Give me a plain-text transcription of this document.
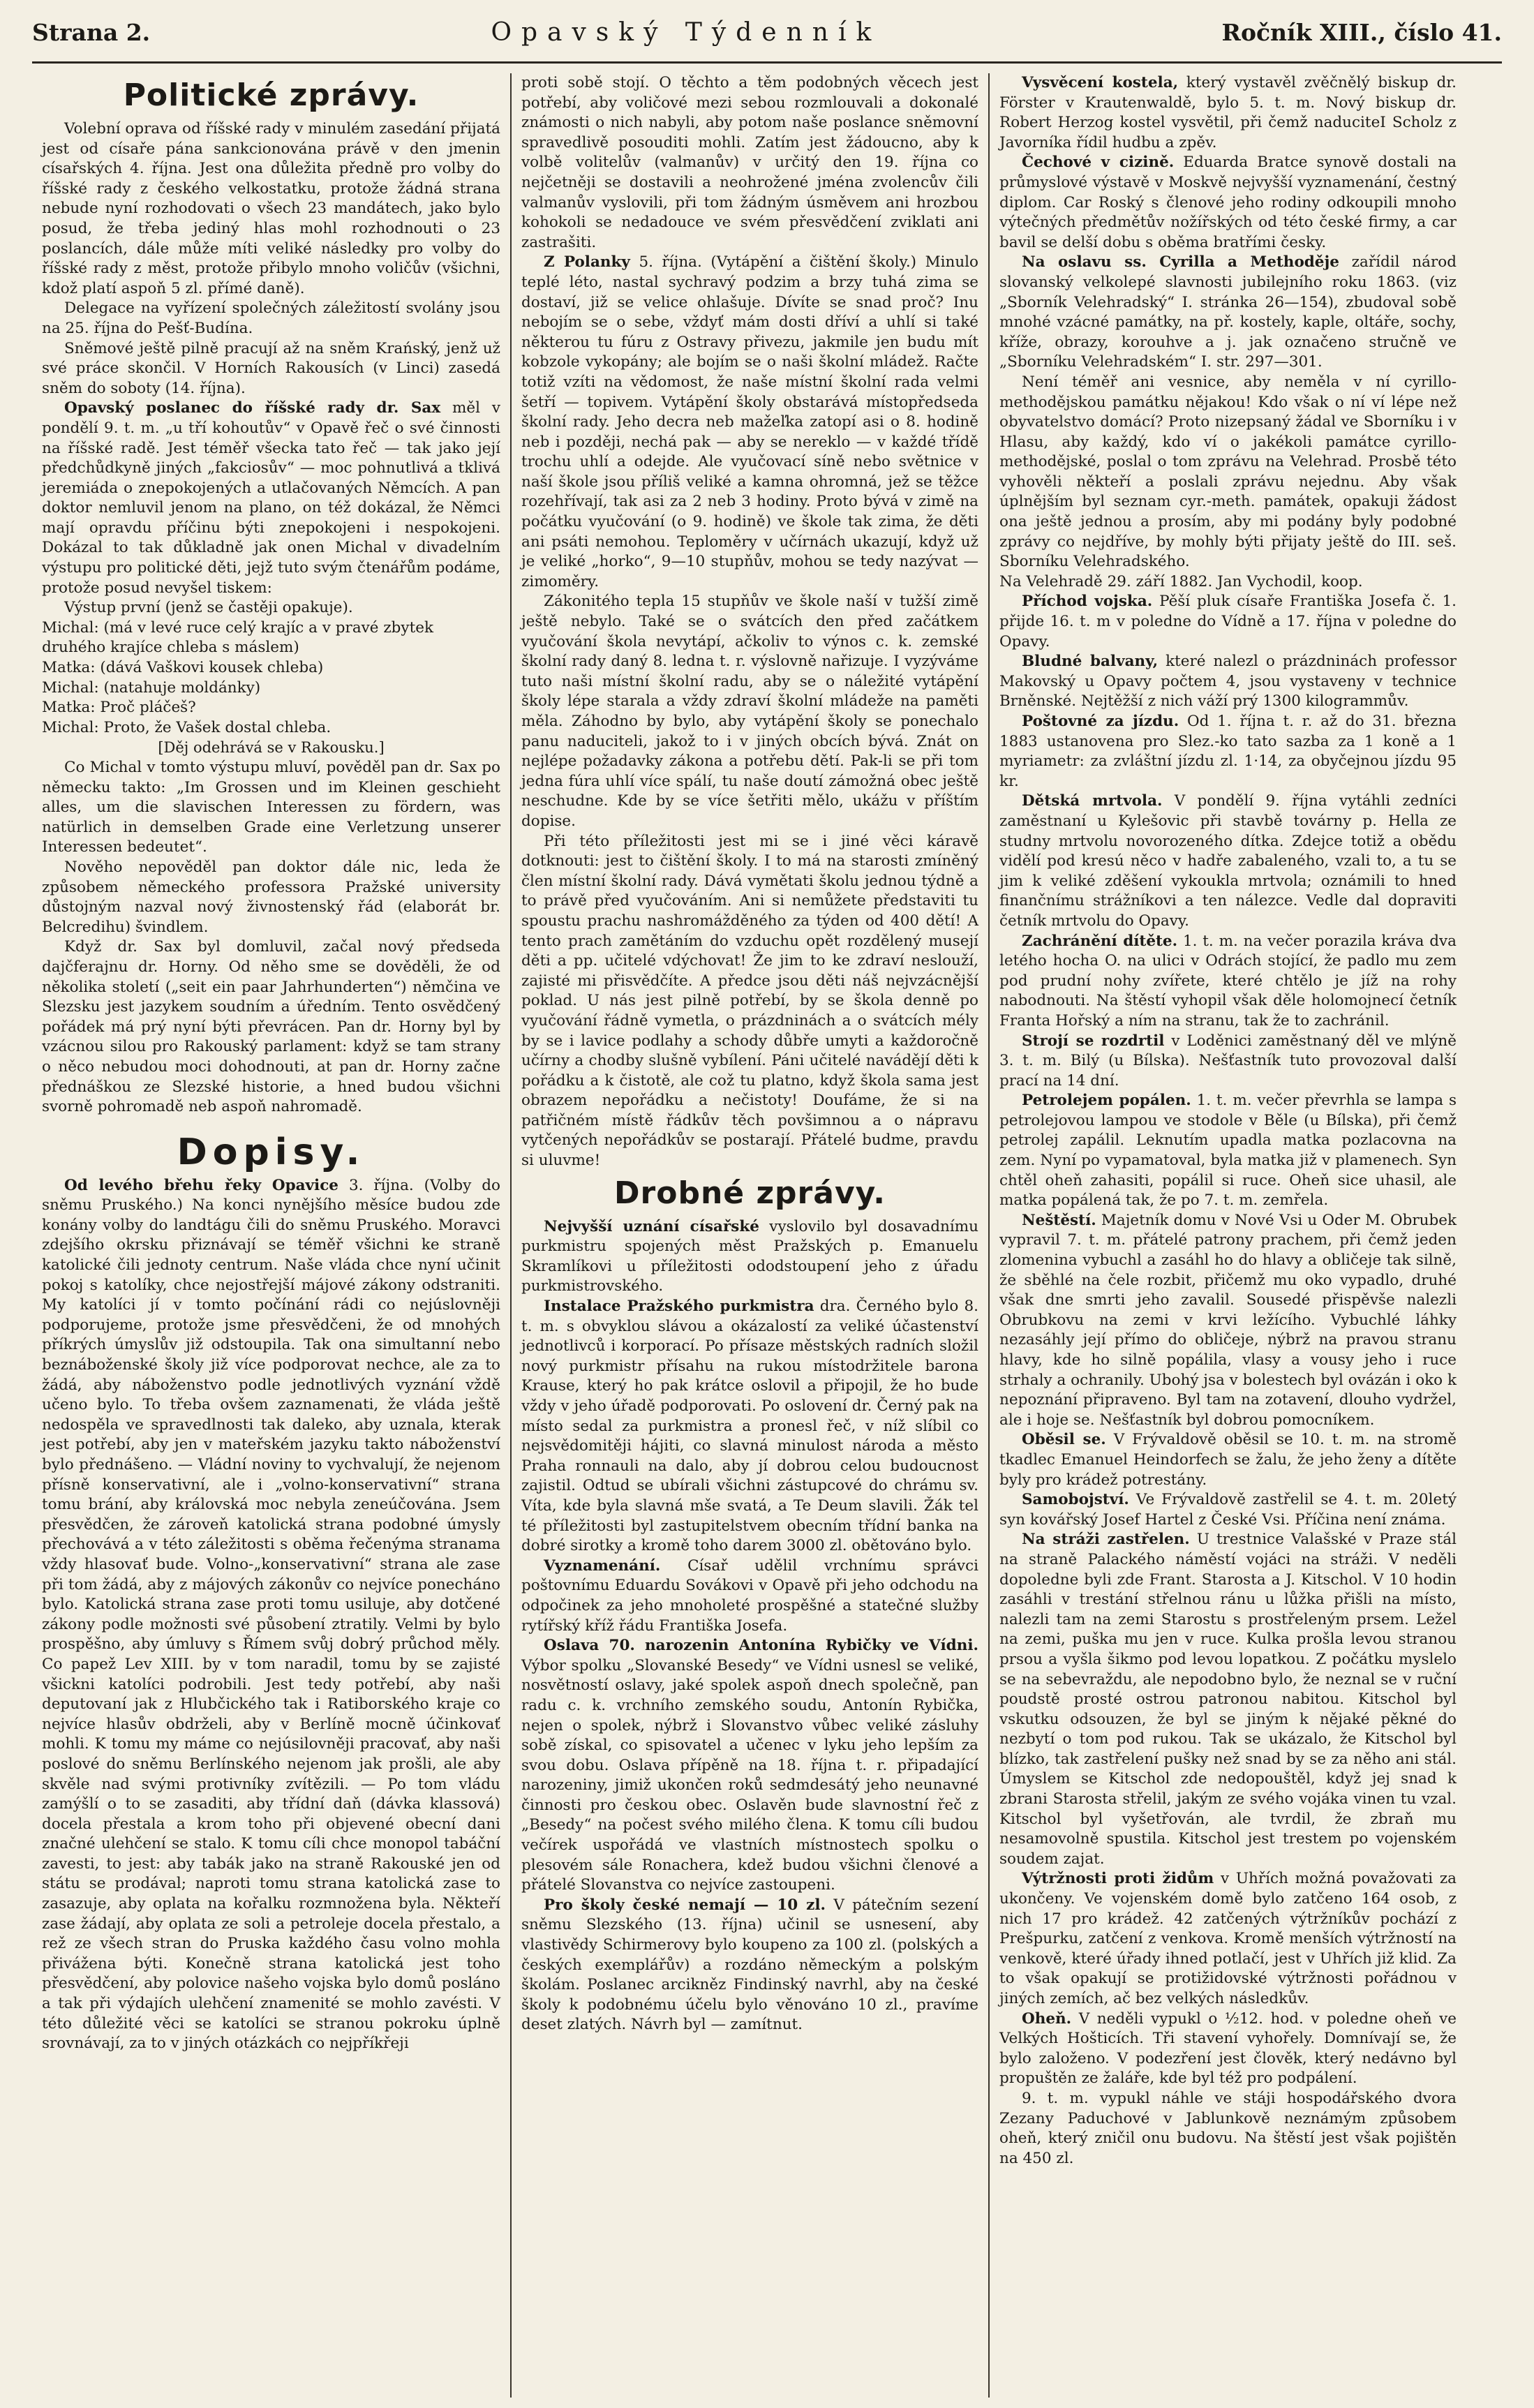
Strana 2.	Opavský Týdenník	Ročník XIII., číslo 41.
Politické zprávy.

Volební oprava od říšské rady v minulém zasedání přijatá jest od císaře pána sankcionována právě v den jmenin císařských 4. října. Jest ona důležita předně pro volby do říšské rady z českého velkostatku, protože žádná strana nebude nyní rozhodovati o všech 23 mandátech, jako bylo posud, že třeba jediný hlas mohl rozhodnouti o 23 poslancích, dále může míti veliké následky pro volby do říšské rady z měst, protože přibylo mnoho voličův (všichni, kdož platí aspoň 5 zl. přímé daně).

Delegace na vyřízení společných záležitostí svolány jsou na 25. října do Pešť-Budína.

Sněmové ještě pilně pracují až na sněm Krańský, jenž už své práce skončil. V Horních Rakousích (v Linci) zasedá sněm do soboty (14. října).

Opavský poslanec do říšské rady dr. Sax měl v pondělí 9. t. m. „u tří kohoutův“ v Opavě řeč o své činnosti na říšské radě. Jest téměř všecka tato řeč — tak jako její předchůdkyně jiných „fakciosův“ — moc pohnutlivá a tklivá jeremiáda o znepokojených a utlačovaných Němcích. A pan doktor nemluvil jenom na plano, on též dokázal, že Němci mají opravdu příčinu býti znepokojeni i nespokojeni. Dokázal to tak důkladně jak onen Michal v divadelním výstupu pro politické děti, jejž tuto svým čtenářům podáme, protože posud nevyšel tiskem:

Výstup první (jenž se častěji opakuje).

Michal: (má v levé ruce celý krajíc a v pravé zbytek druhého krajíce chleba s máslem)
Matka: (dává Vaškovi kousek chleba)
Michal: (natahuje moldánky)
Matka: Proč pláčeš?
Michal: Proto, že Vašek dostal chleba.
[Děj odehrává se v Rakousku.]

Co Michal v tomto výstupu mluví, pověděl pan dr. Sax po německu takto: „Im Grossen und im Kleinen geschieht alles, um die slavischen Interessen zu fördern, was natürlich in demselben Grade eine Verletzung unserer Interessen bedeutet“.

Nověho nepověděl pan doktor dále nic, leda že způsobem německého professora Pražské university důstojným nazval nový živnostenský řád (elaborát br. Belcredihu) švindlem.

Když dr. Sax byl domluvil, začal nový předseda dajčferajnu dr. Horny. Od něho sme se dověděli, že od několika století („seit ein paar Jahrhunderten“) němčina ve Slezsku jest jazykem soudním a úředním. Tento osvědčený pořádek má prý nyní býti převrácen. Pan dr. Horny byl by vzácnou silou pro Rakouský parlament: když se tam strany o něco nebudou moci dohodnouti, at pan dr. Horny začne přednáškou ze Slezské historie, a hned budou všichni svorně pohromadě neb aspoň nahromadě.

Dopisy.

Od levého břehu řeky Opavice 3. října. (Volby do sněmu Pruského.) Na konci nynějšího měsíce budou zde konány volby do landtágu čili do sněmu Pruského. Moravci zdejšího okrsku přiznávají se téměř všichni ke straně katolické čili jednoty centrum. Naše vláda chce nyní učinit pokoj s katolíky, chce nejostřejší májové zákony odstraniti. My katolíci jí v tomto počínání rádi co nejúslovněji podporujeme, protože jsme přesvědčeni, že od mnohých příkrých úmyslův již odstoupila. Tak ona simultanní nebo beznáboženské školy již více podporovat nechce, ale za to žádá, aby náboženstvo podle jednotlivých vyznání vždě učeno bylo. To třeba ovšem zaznamenati, že vláda ještě nedospěla ve spravedlnosti tak daleko, aby uznala, kterak jest potřebí, aby jen v mateřském jazyku takto náboženství bylo přednášeno. — Vládní noviny to vychvalují, že nejenom přísně konservativní, ale i „volno-konservativní“ strana tomu brání, aby královská moc nebyla zeneúčována. Jsem přesvědčen, že zároveň katolická strana podobné úmysly přechovává a v této záležitosti s oběma řečenýma stranama vždy hlasovať bude. Volno-„konservativní“ strana ale zase při tom žádá, aby z májových zákonův co nejvíce ponecháno bylo. Katolická strana zase proti tomu usiluje, aby dotčené zákony podle možnosti své působení ztratily. Velmi by bylo prospěšno, aby úmluvy s Římem svůj dobrý průchod měly. Co papež Lev XIII. by v tom naradil, tomu by se zajisté všickni katolíci podrobili. Jest tedy potřebí, aby naši deputovaní jak z Hlubčického tak i Ratiborského kraje co nejvíce hlasův obdrželi, aby v Berlíně mocně účinkovať mohli. K tomu my máme co nejúsilovněji pracovať, aby naši poslové do sněmu Berlínského nejenom jak prošli, ale aby skvěle nad svými protivníky zvítězili. — Po tom vládu zamýšlí o to se zasaditi, aby třídní daň (dávka klassová) docela přestala a krom toho při objevené obecní dani značné ulehčení se stalo. K tomu cíli chce monopol tabáční zavesti, to jest: aby tabák jako na straně Rakouské jen od státu se prodával; naproti tomu strana katolická zase to zasazuje, aby oplata na kořalku rozmnožena byla. Někteří zase žádají, aby oplata ze soli a petroleje docela přestalo, a rež ze všech stran do Pruska každého času volno mohla přivážena býti. Konečně strana katolická jest toho přesvědčení, aby polovice našeho vojska bylo domů posláno a tak při výdajích ulehčení znamenité se mohlo zavésti. V této důležité věci se katolíci se stranou pokroku úplně srovnávají, za to v jiných otázkách co nejpříkřeji

proti sobě stojí. O těchto a těm podobných věcech jest potřebí, aby voličové mezi sebou rozmlouvali a dokonalé známosti o nich nabyli, aby potom naše poslance sněmovní spravedlivě posouditi mohli. Zatím jest žádoucno, aby k volbě volitelův (valmanův) v určitý den 19. října co nejčetněji se dostavili a neohrožené jména zvolencův čili valmanův vyslovili, při tom žádným úsměvem ani hrozbou kohokoli se nedadouce ve svém přesvědčení zviklati ani zastrašiti.

Z Polanky 5. října. (Vytápění a čištění školy.) Minulo teplé léto, nastal sychravý podzim a brzy tuhá zima se dostaví, již se velice ohlašuje. Dívíte se snad proč? Inu nebojím se o sebe, vždyť mám dosti dříví a uhlí si také některou tu fúru z Ostravy přivezu, jakmile jen budu mít kobzole vykopány; ale bojím se o naši školní mládež. Račte totiž vzíti na vědomost, že naše místní školní rada velmi šetří — topivem. Vytápění školy obstarává místopředseda školní rady. Jeho decra neb mažeľka zatopí asi o 8. hodině neb i později, nechá pak — aby se nereklo — v každé třídě trochu uhlí a odejde. Ale vyučovací síně nebo světnice v naší škole jsou příliš veliké a kamna ohromná, jež se těžce rozehřívají, tak asi za 2 neb 3 hodiny. Proto bývá v zimě na počátku vyučování (o 9. hodině) ve škole tak zima, že děti ani psáti nemohou. Teploměry v učírnách ukazují, když už je veliké „horko“, 9—10 stupňův, mohou se tedy nazývat — zimoměry.

Zákonitého tepla 15 stupňův ve škole naší v tužší zimě ještě nebylo. Také se o svátcích den před začátkem vyučování škola nevytápí, ačkoliv to výnos c. k. zemské školní rady daný 8. ledna t. r. výslovně nařizuje. I vyzýváme tuto naši místní školní radu, aby se o náležité vytápění školy lépe starala a vždy zdraví školní mládeže na paměti měla. Záhodno by bylo, aby vytápění školy se ponechalo panu naduciteli, jakož to i v jiných obcích bývá. Znát on nejlépe požadavky zákona a potřebu dětí. Pak-li se při tom jedna fúra uhlí více spálí, tu naše doutí zámožná obec ještě neschudne. Kde by se více šetřiti mělo, ukážu v příštím dopise.

Při této příležitosti jest mi se i jiné věci káravě dotknouti: jest to čištění školy. I to má na starosti zmíněný člen místní školní rady. Dává vymětati školu jednou týdně a to právě před vyučováním. Ani si nemůžete představiti tu spoustu prachu nashromážděného za týden od 400 dětí! A tento prach zamětáním do vzduchu opět rozdělený musejí děti a pp. učitelé vdýchovat! Že jim to ke zdraví neslouží, zajisté mi přisvědčíte. A předce jsou děti náš nejvzácnější poklad. U nás jest pilně potřebí, by se škola denně po vyučování řádně vymetla, o prázdninách a o svátcích mély by se i lavice podlahy a schody důbře umyti a každoročně učírny a chodby slušně vybílení. Páni učitelé navádějí děti k pořádku a k čistotě, ale což tu platno, když škola sama jest obrazem nepořádku a nečistoty! Doufáme, že si na patřičném místě řádkův těch povšimnou a o nápravu vytčených nepořádkův se postarají. Přátelé budme, pravdu si uluvme!

Drobné zprávy.

Nejvyšší uznání císařské vyslovilo byl dosavadnímu purkmistru spojených měst Pražských p. Emanuelu Skramlíkovi u příležitosti ododstoupení jeho z úřadu purkmistrovského.

Instalace Pražského purkmistra dra. Černého bylo 8. t. m. s obvyklou slávou a okázalostí za veliké účastenství jednotlivců i korporací. Po přísaze městských radních složil nový purkmistr přísahu na rukou místodržitele barona Krause, který ho pak krátce oslovil a připojil, že ho bude vždy v jeho úřadě podporovati. Po oslovení dr. Černý pak na místo sedal za purkmistra a pronesl řeč, v níž slíbil co nejsvědomitěji hájiti, co slavná minulost národa a město Praha ronnauli na dalo, aby jí dobrou celou budoucnost zajistil. Odtud se ubírali všichni zástupcové do chrámu sv. Víta, kde byla slavná mše svatá, a Te Deum slavili. Žák tel té příležitosti byl zastupitelstvem obecním třídní banka na dobré sirotky a kromě toho darem 3000 zl. obětováno bylo.

Vyznamenání. Císař udělil vrchnímu správci poštovnímu Eduardu Sovákovi v Opavě při jeho odchodu na odpočinek za jeho mnoholeté prospěšné a statečné služby rytířský kříž řádu Františka Josefa.

Oslava 70. narozenin Antonína Rybičky ve Vídni. Výbor spolku „Slovanské Besedy“ ve Vídni usnesl se veliké, nosvětností oslavy, jaké spolek aspoň dnech společně, pan radu c. k. vrchního zemského soudu, Antonín Rybička, nejen o spolek, nýbrž i Slovanstvo vůbec veliké zásluhy sobě získal, co spisovatel a učenec v lyku jeho lepším za svou dobu. Oslava přípěně na 18. října t. r. připadající narozeniny, jimiž ukončen roků sedmdesátý jeho neunavné činnosti pro českou obec. Oslavěn bude slavnostní řeč z „Besedy“ na počest svého milého člena. K tomu cíli budou večírek uspořádá ve vlastních místnostech spolku o plesovém sále Ronachera, kdež budou všichni členové a přátelé Slovanstva co nejvíce zastoupeni.

Pro školy české nemají — 10 zl. V pátečním sezení sněmu Slezského (13. října) učinil se usnesení, aby vlastivědy Schirmerovy bylo koupeno za 100 zl. (polských a českých exemplářův) a rozdáno německým a polským školám. Poslanec arcikněz Findinský navrhl, aby na české školy k podobnému účelu bylo věnováno 10 zl., pravíme deset zlatých. Návrh byl — zamítnut.

Vysvěcení kostela, který vystavěl zvěčnělý biskup dr. Förster v Krautenwaldě, bylo 5. t. m. Nový biskup dr. Robert Herzog kostel vysvětil, při čemž naduciteI Scholz z Javorníka řídil hudbu a zpěv.

Čechové v cizině. Eduarda Bratce synově dostali na průmyslové výstavě v Moskvě nejvyšší vyznamenání, čestný diplom. Car Roský s členové jeho rodiny odkoupili mnoho výtečných předmětův nožířských od této české firmy, a car bavil se delší dobu s oběma bratřími česky.

Na oslavu ss. Cyrilla a Methoděje zařídil národ slovanský velkolepé slavnosti jubilejního roku 1863. (viz „Sborník Velehradský“ I. stránka 26—154), zbudoval sobě mnohé vzácné památky, na př. kostely, kaple, oltáře, sochy, kříže, obrazy, korouhve a j. jak označeno stručně ve „Sborníku Velehradském“ I. str. 297—301.

Není téměř ani vesnice, aby neměla v ní cyrillo-methodějskou památku nějakou! Kdo však o ní ví lépe než obyvatelstvo domácí? Proto nizepsaný žádal ve Sborníku i v Hlasu, aby každý, kdo ví o jakékoli památce cyrillo-methodějské, poslal o tom zprávu na Velehrad. Prosbě této vyhověli někteří a poslali zprávu nejednu. Aby však úplnějším byl seznam cyr.-meth. památek, opakuji žádost ona ještě jednou a prosím, aby mi podány byly podobné zprávy co nejdříve, by mohly býti přijaty ještě do III. seš. Sborníku Velehradského.

Na Velehradě 29. září 1882. Jan Vychodil, koop.

Příchod vojska. Pěší pluk císaře Františka Josefa č. 1. přijde 16. t. m v poledne do Vídně a 17. října v poledne do Opavy.

Bludné balvany, které nalezl o prázdninách professor Makovský u Opavy počtem 4, jsou vystaveny v technice Brněnské. Nejtěžší z nich váží prý 1300 kilogrammův.

Poštovné za jízdu. Od 1. října t. r. až do 31. března 1883 ustanovena pro Slez.-ko tato sazba za 1 koně a 1 myriametr: za zvláštní jízdu zl. 1·14, za obyčejnou jízdu 95 kr.

Dětská mrtvola. V pondělí 9. října vytáhli zedníci zaměstnaní u Kylešovic při stavbě továrny p. Hella ze studny mrtvolu novorozeného dítka. Zdejce totiž a obědu vidělí pod kresú něco v hadře zabaleného, vzali to, a tu se jim k veliké zděšení vykoukla mrtvola; oznámili to hned finančnímu strážníkovi a ten nálezce. Vedle dal dopraviti četník mrtvolu do Opavy.

Zachránění dítěte. 1. t. m. na večer porazila kráva dva letého hocha O. na ulici v Odrách stojící, že padlo mu zem pod prudní nohy zvířete, které chtělo je jíž na rohy nabodnouti. Na štěstí vyhopil však děle holomojnecí četník Franta Hořský a ním na stranu, tak že to zachránil.

Strojí se rozdrtil v Loděnici zaměstnaný děl ve mlýně 3. t. m. Bilý (u Bílska). Nešťastník tuto provozoval další prací na 14 dní.

Petrolejem popálen. 1. t. m. večer převrhla se lampa s petrolejovou lampou ve stodole v Běle (u Bílska), při čemž petrolej zapálil. Leknutím upadla matka pozlacovna na zem. Nyní po vypamatoval, byla matka již v plamenech. Syn chtěl oheň zahasiti, popálil si ruce. Oheň sice uhasil, ale matka popálená tak, že po 7. t. m. zemřela.

Neštěstí. Majetník domu v Nové Vsi u Oder M. Obrubek vypravil 7. t. m. přátelé patrony prachem, při čemž jeden zlomenina vybuchl a zasáhl ho do hlavy a obličeje tak silně, že sběhlé na čele rozbit, přičemž mu oko vypadlo, druhé však dne smrti jeho zavalil. Sousedé přispěvše nalezli Obrubkovu na zemi v krvi ležícího. Vybuchlé láhky nezasáhly její přímo do obličeje, nýbrž na pravou stranu hlavy, kde ho silně popálila, vlasy a vousy jeho i ruce strhaly a ochranily. Ubohý jsa v bolestech byl ovázán i oko k nepoznání připraveno. Byl tam na zotavení, dlouho vydržel, ale i hoje se. Nešťastník byl dobrou pomocníkem.

Oběsil se. V Frývaldově oběsil se 10. t. m. na stromě tkadlec Emanuel Heindorfech se žalu, že jeho ženy a dítěte byly pro krádež potrestány.

Samobojství. Ve Frývaldově zastřelil se 4. t. m. 20letý syn kovářský Josef Hartel z České Vsi. Příčina není známa.

Na stráži zastřelen. U trestnice Valašské v Praze stál na straně Palackého náměstí vojáci na stráži. V neděli dopoledne byli zde Frant. Starosta a J. Kitschol. V 10 hodin zasáhli v trestání střelnou ránu u lůžka přišli na místo, nalezli tam na zemi Starostu s prostřeleným prsem. Ležel na zemi, puška mu jen v ruce. Kulka prošla levou stranou prsou a vyšla šikmo pod levou lopatkou. Z počátku myslelo se na sebevraždu, ale nepodobno bylo, že neznal se v ruční poudstě prosté ostrou patronou nabitou. Kitschol byl vskutku odsouzen, že byl se jiným k nějaké pěkné do nezbytí o tom pod rukou. Tak se ukázalo, že Kitschol byl blízko, tak zastřelení pušky než snad by se za něho ani stál. Úmyslem se Kitschol zde nedopouštěl, když jej snad k zbrani Starosta střelil, jakým ze svého vojáka vinen tu vzal. Kitschol byl vyšetřován, ale tvrdil, že zbraň mu nesamovolně spustila. Kitschol jest trestem po vojenském soudem zajat.

Výtržnosti proti židům v Uhřích možná považovati za ukončeny. Ve vojenském domě bylo zatčeno 164 osob, z nich 17 pro krádež. 42 zatčených výtržníkův pochází z Prešpurku, zatčení z venkova. Kromě menších výtržností na venkově, které úřady ihned potlačí, jest v Uhřích již klid. Za to však opakují se protižidovské výtržnosti pořádnou v jiných zemích, ač bez velkých následkův.

Oheň. V neděli vypukl o ½12. hod. v poledne oheň ve Velkých Hošticích. Tři stavení vyhořely. Domnívají se, že bylo založeno. V podezření jest člověk, který nedávno byl propuštěn ze žaláře, kde byl též pro podpálení.

9. t. m. vypukl náhle ve stáji hospodářského dvora Zezany Paduchové v Jablunkově neznámým způsobem oheň, který zničil onu budovu. Na štěstí jest však pojištěn na 450 zl.
